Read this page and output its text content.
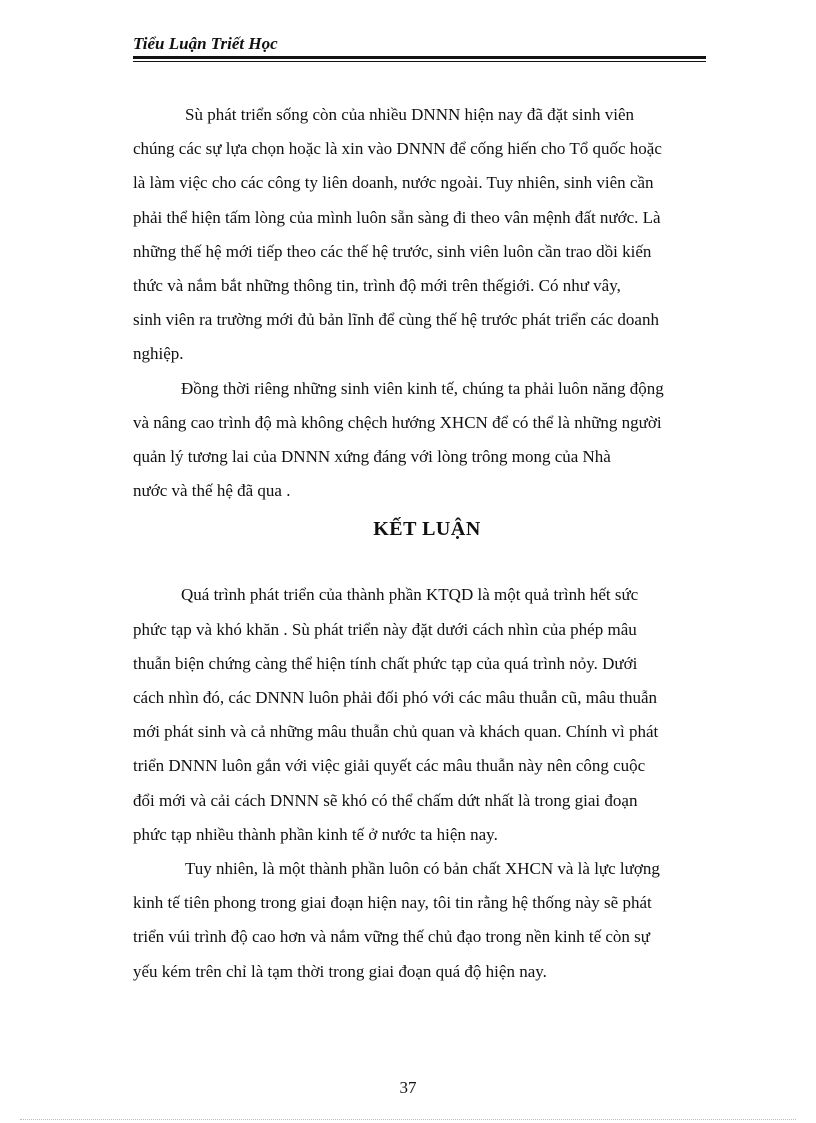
Tiểu Luận Triết Học

Sù phát triển sống còn của nhiều DNNN hiện nay đã đặt sinh viên
chúng các sự lựa chọn hoặc là xin vào DNNN để cống hiến cho Tổ quốc hoặc
là làm việc cho các công ty liên doanh, nước ngoài. Tuy nhiên, sinh viên cần
phải thể hiện tấm lòng của mình luôn sẵn sàng đi theo vân mệnh đất nước. Là
những thế hệ mới tiếp theo các thế hệ trước, sinh viên luôn cần trao dồi kiến
thức và nắm bắt những thông tin, trình độ mới trên thếgiới. Có như vây,
sinh viên ra trường mới đủ bản lĩnh để cùng thế hệ trước phát triển các doanh
nghiệp.

Đồng thời riêng những sinh viên kinh tế, chúng ta phải luôn năng động
và nâng cao trình độ mà không chệch hướng XHCN để có thể là những người
quản lý tương lai của DNNN xứng đáng với lòng trông mong của Nhà
nước và thế hệ đã qua .

KẾT LUẬN

Quá trình phát triển của thành phần KTQD là một quả trình hết sức
phức tạp và khó khăn . Sù phát triển này đặt dưới cách nhìn của phép mâu
thuẫn biện chứng càng thể hiện tính chất phức tạp của quá trình nỏy. Dưới
cách nhìn đó, các DNNN luôn phải đối phó với các mâu thuẫn cũ, mâu thuẫn
mới phát sinh và cả những mâu thuẫn chủ quan và khách quan. Chính vì phát
triển DNNN luôn gắn với việc giải quyết các mâu thuẫn này nên công cuộc
đổi mới và cải cách DNNN sẽ khó có thể chấm dứt nhất là trong giai đoạn
phức tạp nhiều thành phần kinh tế ở nước ta hiện nay.

Tuy nhiên, là một thành phần luôn có bản chất XHCN và là lực lượng
kinh tế tiên phong trong giai đoạn hiện nay, tôi tin rằng hệ thống này sẽ phát
triển vúi trình độ cao hơn và nắm vững thế chủ đạo trong nền kinh tế còn sự
yếu kém trên chỉ là tạm thời trong giai đoạn quá độ hiện nay.

37
